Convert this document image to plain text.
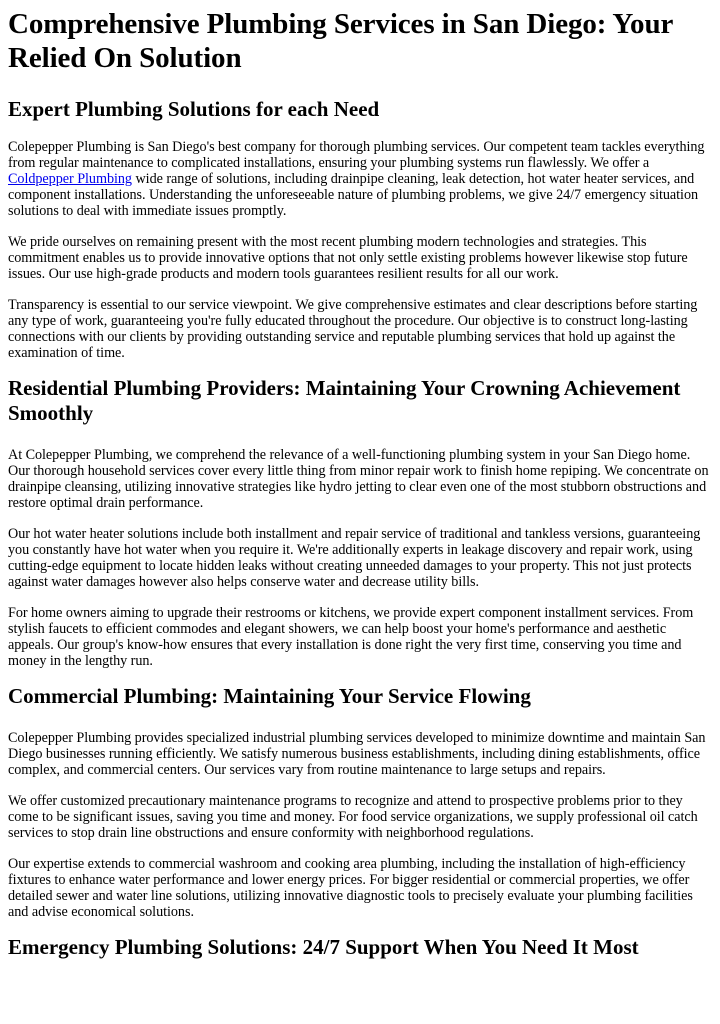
Comprehensive Plumbing Services in San Diego: Your Relied On Solution
Expert Plumbing Solutions for each Need

Colepepper Plumbing is San Diego's best company for thorough plumbing services. Our competent team tackles everything from regular maintenance to complicated installations, ensuring your plumbing systems run flawlessly. We offer a Coldpepper Plumbing wide range of solutions, including drainpipe cleaning, leak detection, hot water heater services, and component installations. Understanding the unforeseeable nature of plumbing problems, we give 24/7 emergency situation solutions to deal with immediate issues promptly.

We pride ourselves on remaining present with the most recent plumbing modern technologies and strategies. This commitment enables us to provide innovative options that not only settle existing problems however likewise stop future issues. Our use high-grade products and modern tools guarantees resilient results for all our work.

Transparency is essential to our service viewpoint. We give comprehensive estimates and clear descriptions before starting any type of work, guaranteeing you're fully educated throughout the procedure. Our objective is to construct long-lasting connections with our clients by providing outstanding service and reputable plumbing services that hold up against the examination of time.

Residential Plumbing Providers: Maintaining Your Crowning Achievement Smoothly

At Colepepper Plumbing, we comprehend the relevance of a well-functioning plumbing system in your San Diego home. Our thorough household services cover every little thing from minor repair work to finish home repiping. We concentrate on drainpipe cleansing, utilizing innovative strategies like hydro jetting to clear even one of the most stubborn obstructions and restore optimal drain performance.

Our hot water heater solutions include both installment and repair service of traditional and tankless versions, guaranteeing you constantly have hot water when you require it. We're additionally experts in leakage discovery and repair work, using cutting-edge equipment to locate hidden leaks without creating unneeded damages to your property. This not just protects against water damages however also helps conserve water and decrease utility bills.

For home owners aiming to upgrade their restrooms or kitchens, we provide expert component installment services. From stylish faucets to efficient commodes and elegant showers, we can help boost your home's performance and aesthetic appeals. Our group's know-how ensures that every installation is done right the very first time, conserving you time and money in the lengthy run.

Commercial Plumbing: Maintaining Your Service Flowing

Colepepper Plumbing provides specialized industrial plumbing services developed to minimize downtime and maintain San Diego businesses running efficiently. We satisfy numerous business establishments, including dining establishments, office complex, and commercial centers. Our services vary from routine maintenance to large setups and repairs.

We offer customized precautionary maintenance programs to recognize and attend to prospective problems prior to they come to be significant issues, saving you time and money. For food service organizations, we supply professional oil catch services to stop drain line obstructions and ensure conformity with neighborhood regulations.

Our expertise extends to commercial washroom and cooking area plumbing, including the installation of high-efficiency fixtures to enhance water performance and lower energy prices. For bigger residential or commercial properties, we offer detailed sewer and water line solutions, utilizing innovative diagnostic tools to precisely evaluate your plumbing facilities and advise economical solutions.

Emergency Plumbing Solutions: 24/7 Support When You Need It Most
